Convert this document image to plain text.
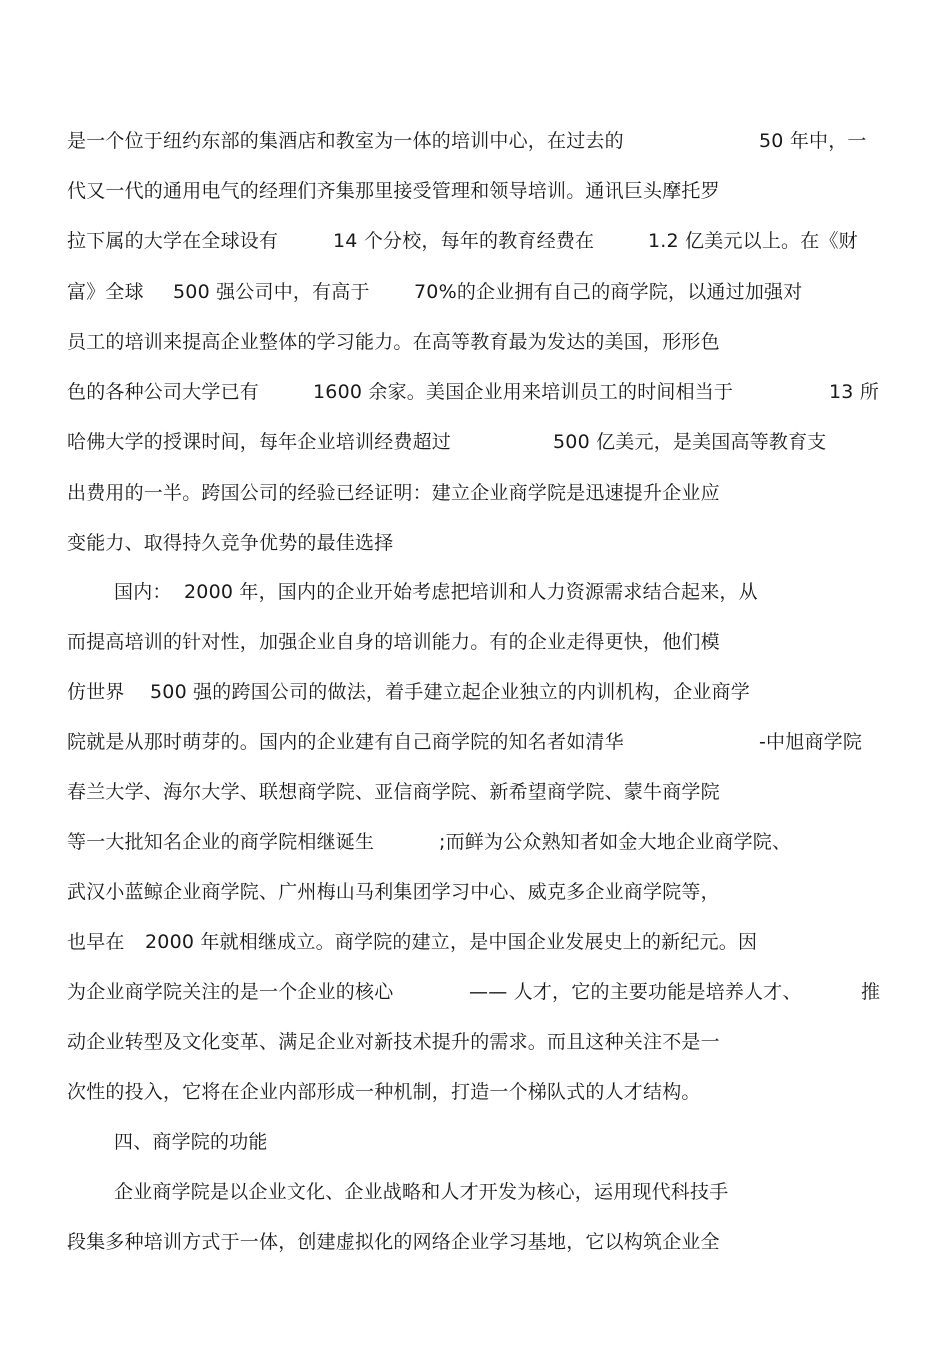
是一个位于纽约东部的集酒店和教室为一体的培训中心，在过去的	50 年中，一
代又一代的通用电气的经理们齐集那里接受管理和领导培训。通讯巨头摩托罗
拉下属的大学在全球设有	14 个分校，每年的教育经费在	1.2 亿美元以上。在《财
富》全球 500 强公司中，有高于 70%的企业拥有自己的商学院，以通过加强对
员工的培训来提高企业整体的学习能力。在高等教育最为发达的美国，形形色
色的各种公司大学已有	1600 余家。美国企业用来培训员工的时间相当于	13 所
哈佛大学的授课时间，每年企业培训经费超过	500 亿美元，是美国高等教育支
出费用的一半。跨国公司的经验已经证明：建立企业商学院是迅速提升企业应
变能力、取得持久竞争优势的最佳选择
国内： 2000 年，国内的企业开始考虑把培训和人力资源需求结合起来，从
而提高培训的针对性，加强企业自身的培训能力。有的企业走得更快，他们模
仿世界 500 强的跨国公司的做法，着手建立起企业独立的内训机构，企业商学
院就是从那时萌芽的。国内的企业建有自己商学院的知名者如清华	-中旭商学院
春兰大学、海尔大学、联想商学院、亚信商学院、新希望商学院、蒙牛商学院
等一大批知名企业的商学院相继诞生	;而鲜为公众熟知者如金大地企业商学院、
武汉小蓝鲸企业商学院、广州梅山马利集团学习中心、威克多企业商学院等，
也早在 2000 年就相继成立。商学院的建立，是中国企业发展史上的新纪元。因
为企业商学院关注的是一个企业的核心	—— 人才，它的主要功能是培养人才、	推
动企业转型及文化变革、满足企业对新技术提升的需求。而且这种关注不是一
次性的投入，它将在企业内部形成一种机制，打造一个梯队式的人才结构。
四、商学院的功能
企业商学院是以企业文化、企业战略和人才开发为核心，运用现代科技手
段集多种培训方式于一体，创建虚拟化的网络企业学习基地，它以构筑企业全
